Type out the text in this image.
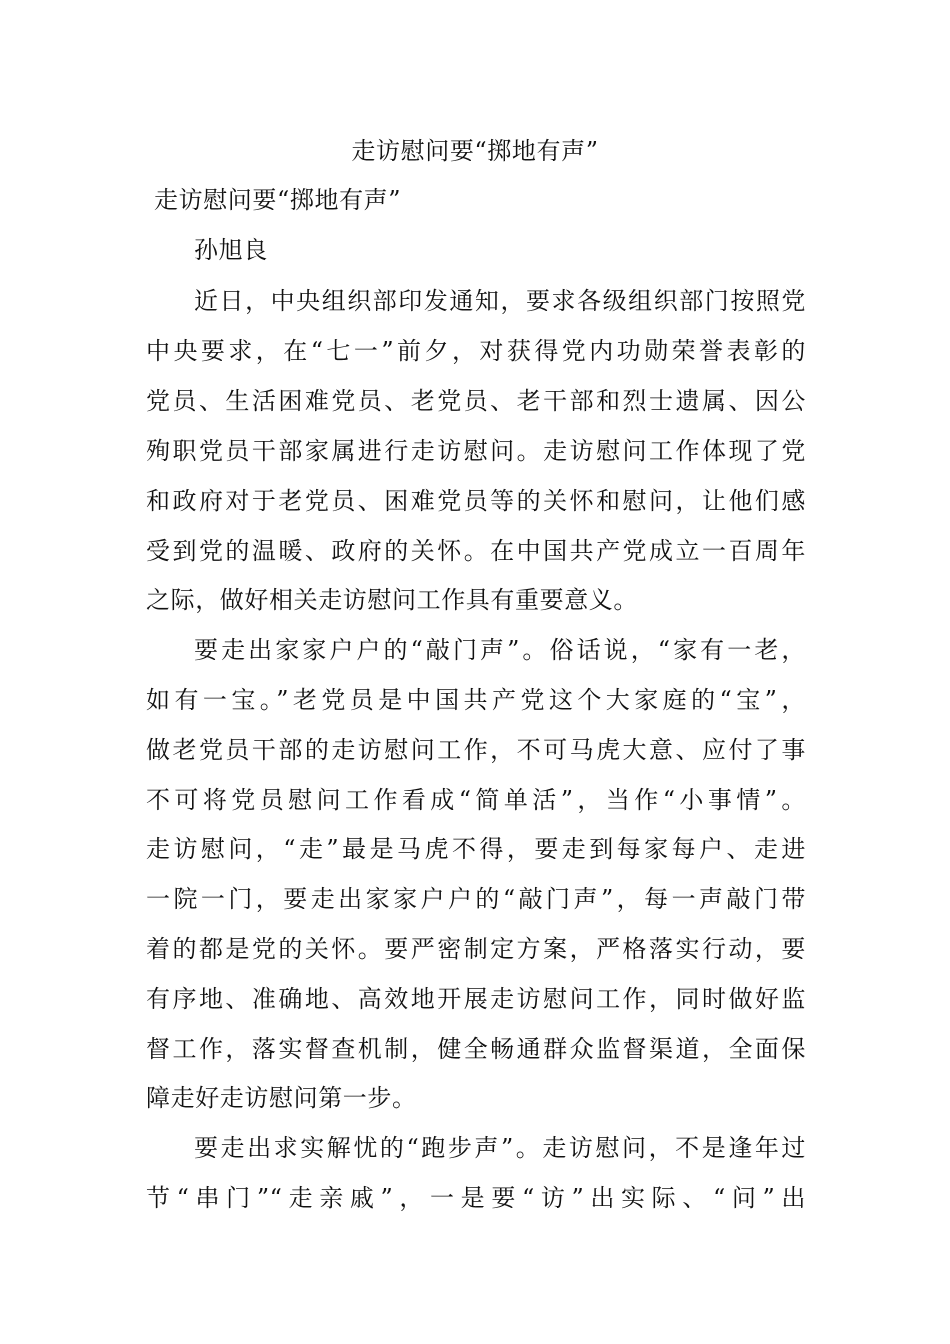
走访慰问要“掷地有声”
走访慰问要“掷地有声”
孙旭良
近日，中央组织部印发通知，要求各级组织部门按照党
中央要求，在“七一”前夕，对获得党内功勋荣誉表彰的
党员、生活困难党员、老党员、老干部和烈士遗属、因公
殉职党员干部家属进行走访慰问。走访慰问工作体现了党
和政府对于老党员、困难党员等的关怀和慰问，让他们感
受到党的温暖、政府的关怀。在中国共产党成立一百周年
之际，做好相关走访慰问工作具有重要意义。
要走出家家户户的“敲门声”。俗话说，“家有一老，
如有一宝。”老党员是中国共产党这个大家庭的“宝”，
做老党员干部的走访慰问工作，不可马虎大意、应付了事
不可将党员慰问工作看成“简单活”，当作“小事情”。
走访慰问，“走”最是马虎不得，要走到每家每户、走进
一院一门，要走出家家户户的“敲门声”，每一声敲门带
着的都是党的关怀。要严密制定方案，严格落实行动，要
有序地、准确地、高效地开展走访慰问工作，同时做好监
督工作，落实督查机制，健全畅通群众监督渠道，全面保
障走好走访慰问第一步。
要走出求实解忧的“跑步声”。走访慰问，不是逢年过
节“串门”“走亲戚”，一是要“访”出实际、“问”出
